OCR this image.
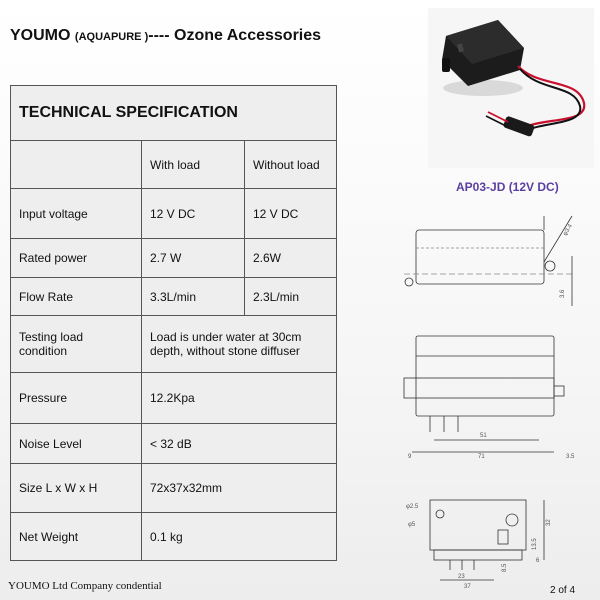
YOUMO (AQUAPURE )---- Ozone Accessories
TECHNICAL SPECIFICATION		
	With load	Without load
Input voltage	12 V DC	12 V DC
Rated power	2.7 W	2.6W
Flow Rate	3.3L/min	2.3L/min
Testing load condition	Load is under water at 30cm depth, without stone diffuser	
Pressure	12.2Kpa	
Noise Level	< 32 dB	
Size L x W x H	72x37x32mm	
Net Weight	0.1 kg	
AP03-JD (12V DC)
3.6
φ3.4
51
71
9	3.5
φ2.5
φ5	32
13.5
6
23
8.5
37
YOUMO Ltd Company condential	2 of 4
